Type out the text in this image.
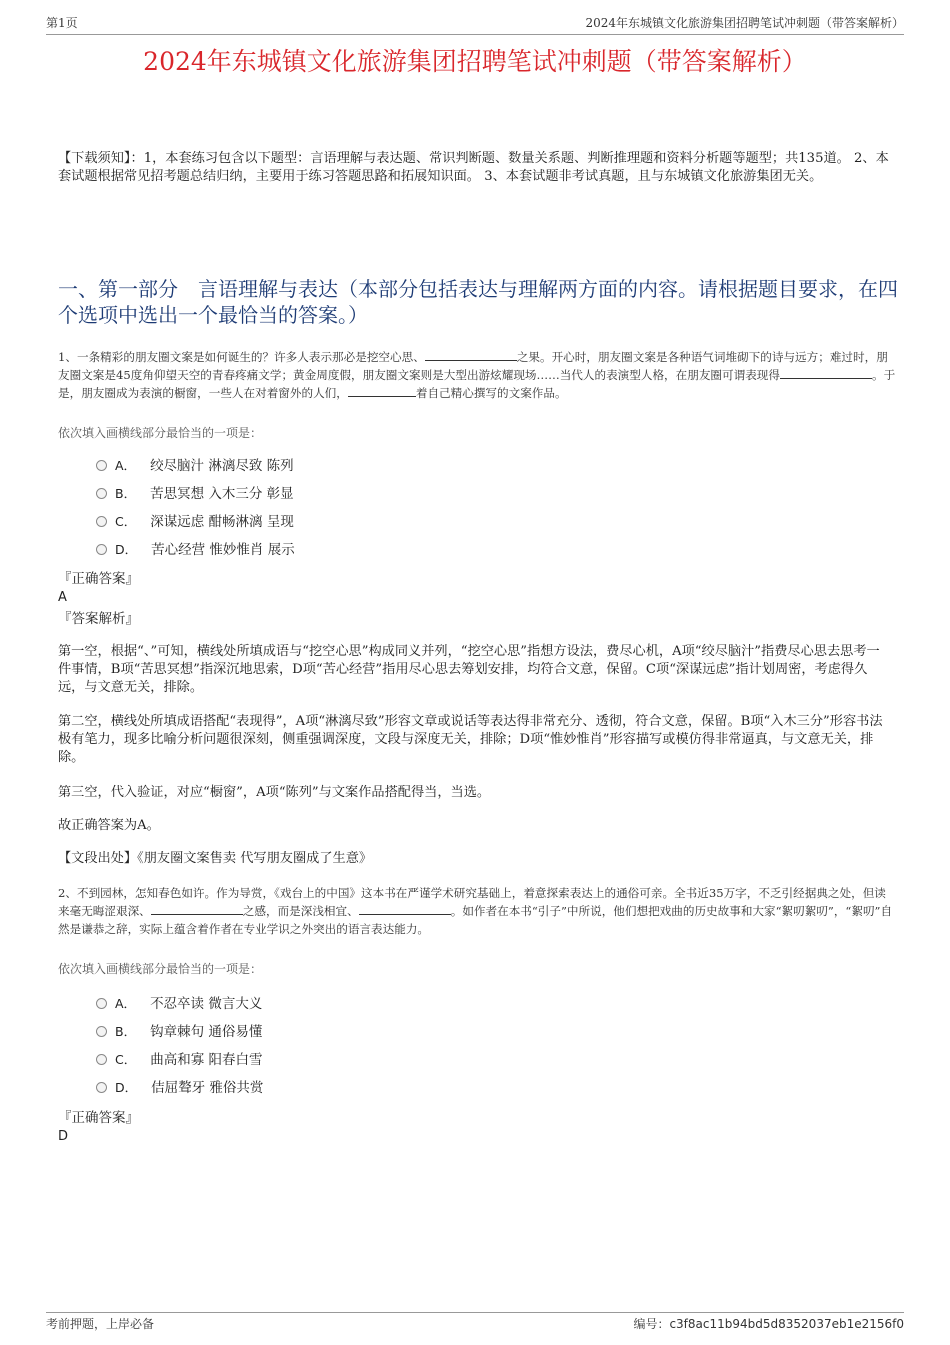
第1页	2024年东城镇文化旅游集团招聘笔试冲刺题（带答案解析）
2024年东城镇文化旅游集团招聘笔试冲刺题（带答案解析）
【下载须知】：1，本套练习包含以下题型：言语理解与表达题、常识判断题、数量关系题、判断推理题和资料分析题等题型；共135道。 2、本套试题根据常见招考题总结归纳，主要用于练习答题思路和拓展知识面。 3、本套试题非考试真题，且与东城镇文化旅游集团无关。
一、第一部分　言语理解与表达（本部分包括表达与理解两方面的内容。请根据题目要求，在四个选项中选出一个最恰当的答案。）
1、一条精彩的朋友圈文案是如何诞生的？许多人表示那必是挖空心思、	之果。开心时，朋友圈文案是各种语气词堆砌下的诗与远方；难过时，朋友圈文案是45度角仰望天空的青春疼痛文学；黄金周度假，朋友圈文案则是大型出游炫耀现场……当代人的表演型人格，在朋友圈可谓表现得	。于是，朋友圈成为表演的橱窗，一些人在对着窗外的人们，	着自己精心撰写的文案作品。
依次填入画横线部分最恰当的一项是：
A． 绞尽脑汁 淋漓尽致 陈列
B． 苦思冥想 入木三分 彰显
C． 深谋远虑 酣畅淋漓 呈现
D． 苦心经营 惟妙惟肖 展示
『正确答案』
A
『答案解析』
第一空，根据“、”可知，横线处所填成语与“挖空心思”构成同义并列，“挖空心思”指想方设法，费尽心机，A项“绞尽脑汁”指费尽心思去思考一件事情，B项“苦思冥想”指深沉地思索，D项“苦心经营”指用尽心思去筹划安排，均符合文意，保留。C项“深谋远虑”指计划周密，考虑得久远，与文意无关，排除。
第二空，横线处所填成语搭配“表现得”，A项“淋漓尽致”形容文章或说话等表达得非常充分、透彻，符合文意，保留。B项“入木三分”形容书法极有笔力，现多比喻分析问题很深刻，侧重强调深度，文段与深度无关，排除；D项“惟妙惟肖”形容描写或模仿得非常逼真，与文意无关，排除。
第三空，代入验证，对应“橱窗”，A项“陈列”与文案作品搭配得当，当选。
故正确答案为A。
【文段出处】《朋友圈文案售卖 代写朋友圈成了生意》
2、不到园林，怎知春色如许。作为导赏，《戏台上的中国》这本书在严谨学术研究基础上，着意探索表达上的通俗可亲。全书近35万字，不乏引经据典之处，但读来毫无晦涩艰深、	之感，而是深浅相宜、	。如作者在本书“引子”中所说，他们想把戏曲的历史故事和大家“絮叨絮叨”，“絮叨”自然是谦恭之辞，实际上蕴含着作者在专业学识之外突出的语言表达能力。
依次填入画横线部分最恰当的一项是：
A． 不忍卒读 微言大义
B． 钩章棘句 通俗易懂
C． 曲高和寡 阳春白雪
D． 佶屈聱牙 雅俗共赏
『正确答案』
D
考前押题，上岸必备	编号：c3f8ac11b94bd5d8352037eb1e2156f0
